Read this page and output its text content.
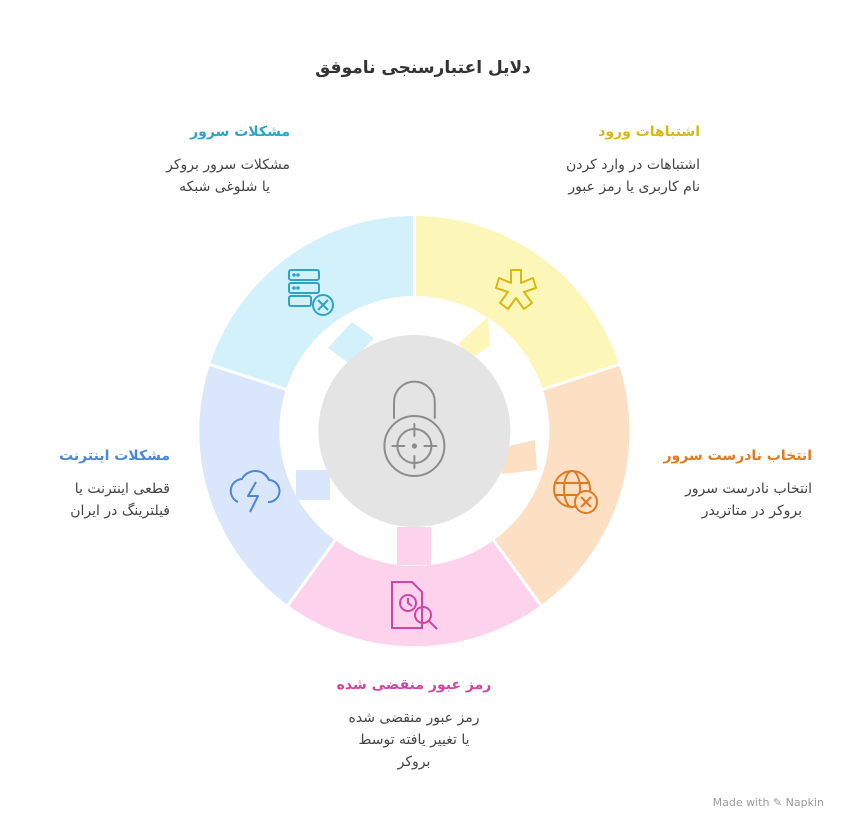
دلایل اعتبارسنجی ناموفق
اشتباهات ورود
اشتباهات در وارد کردن
نام کاربری یا رمز عبور
مشکلات سرور
مشکلات سرور بروکر
یا شلوغی شبکه
انتخاب نادرست سرور
انتخاب نادرست سرور
بروکر در متاتریدر
مشکلات اینترنت
قطعی اینترنت یا
فیلترینگ در ایران
رمز عبور منقضی شده
رمز عبور منقضی شده
یا تغییر یافته توسط
بروکر
Made with ✎ Napkin
